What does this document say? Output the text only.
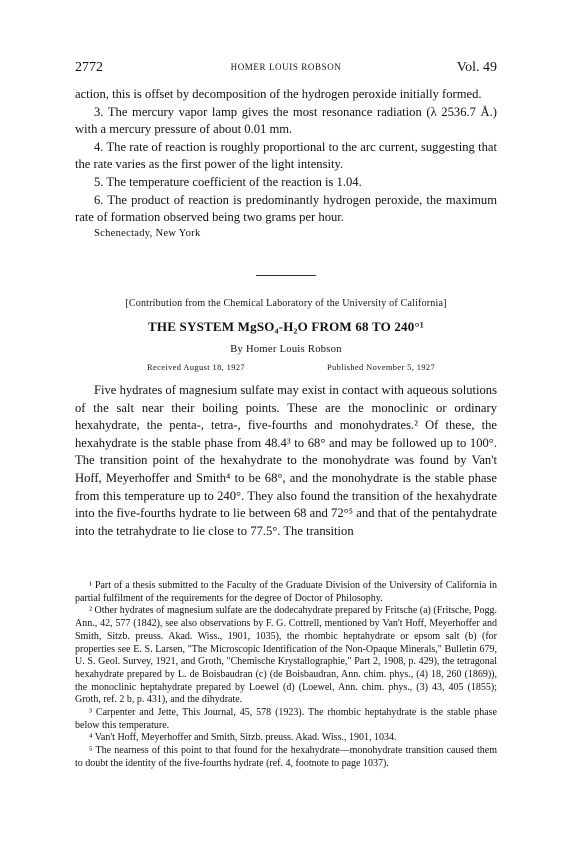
2772	HOMER LOUIS ROBSON	Vol. 49

action, this is offset by decomposition of the hydrogen peroxide initially formed.

3. The mercury vapor lamp gives the most resonance radiation (λ 2536.7 Å.) with a mercury pressure of about 0.01 mm.

4. The rate of reaction is roughly proportional to the arc current, suggesting that the rate varies as the first power of the light intensity.

5. The temperature coefficient of the reaction is 1.04.

6. The product of reaction is predominantly hydrogen peroxide, the maximum rate of formation observed being two grams per hour.

Schenectady, New York

[Contribution from the Chemical Laboratory of the University of California]
THE SYSTEM MgSO₄-H₂O FROM 68 TO 240°¹
By Homer Louis Robson
Received August 18, 1927	Published November 5, 1927

Five hydrates of magnesium sulfate may exist in contact with aqueous solutions of the salt near their boiling points. These are the monoclinic or ordinary hexahydrate, the penta-, tetra-, five-fourths and monohydrates.² Of these, the hexahydrate is the stable phase from 48.4³ to 68° and may be followed up to 100°. The transition point of the hexahydrate to the monohydrate was found by Van't Hoff, Meyerhoffer and Smith⁴ to be 68°, and the monohydrate is the stable phase from this temperature up to 240°. They also found the transition of the hexahydrate into the five-fourths hydrate to lie between 68 and 72°⁵ and that of the pentahydrate into the tetrahydrate to lie close to 77.5°. The transition

¹ Part of a thesis submitted to the Faculty of the Graduate Division of the University of California in partial fulfilment of the requirements for the degree of Doctor of Philosophy.

² Other hydrates of magnesium sulfate are the dodecahydrate prepared by Fritsche (a) (Fritsche, Pogg. Ann., 42, 577 (1842), see also observations by F. G. Cottrell, mentioned by Van't Hoff, Meyerhoffer and Smith, Sitzb. preuss. Akad. Wiss., 1901, 1035), the rhombic heptahydrate or epsom salt (b) (for properties see E. S. Larsen, "The Microscopic Identification of the Non-Opaque Minerals," Bulletin 679, U. S. Geol. Survey, 1921, and Groth, "Chemische Krystallographie," Part 2, 1908, p. 429), the tetragonal hexahydrate prepared by L. de Boisbaudran (c) (de Boisbaudran, Ann. chim. phys., (4) 18, 260 (1869)), the monoclinic heptahydrate prepared by Loewel (d) (Loewel, Ann. chim. phys., (3) 43, 405 (1855); Groth, ref. 2 b, p. 431), and the dihydrate.

³ Carpenter and Jette, This Journal, 45, 578 (1923). The rhombic heptahydrate is the stable phase below this temperature.

⁴ Van't Hoff, Meyerhoffer and Smith, Sitzb. preuss. Akad. Wiss., 1901, 1034.

⁵ The nearness of this point to that found for the hexahydrate—monohydrate transition caused them to doubt the identity of the five-fourths hydrate (ref. 4, footnote to page 1037).
